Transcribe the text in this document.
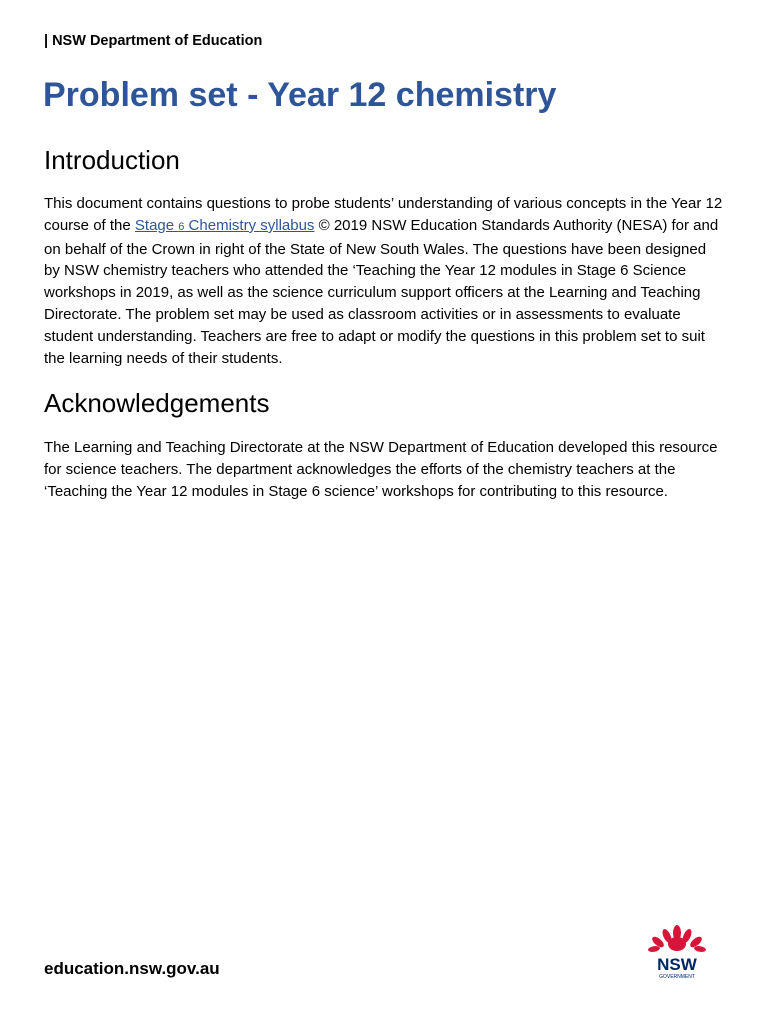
| NSW Department of Education
Problem set - Year 12 chemistry
Introduction

This document contains questions to probe students’ understanding of various concepts in the Year 12 course of the Stage 6 Chemistry syllabus © 2019 NSW Education Standards Authority (NESA) for and on behalf of the Crown in right of the State of New South Wales. The questions have been designed by NSW chemistry teachers who attended the ‘Teaching the Year 12 modules in Stage 6 Science workshops in 2019, as well as the science curriculum support officers at the Learning and Teaching Directorate. The problem set may be used as classroom activities or in assessments to evaluate student understanding. Teachers are free to adapt or modify the questions in this problem set to suit the learning needs of their students.

Acknowledgements

The Learning and Teaching Directorate at the NSW Department of Education developed this resource for science teachers. The department acknowledges the efforts of the chemistry teachers at the ‘Teaching the Year 12 modules in Stage 6 science’ workshops for contributing to this resource.

education.nsw.gov.au	NSW
GOVERNMENT
